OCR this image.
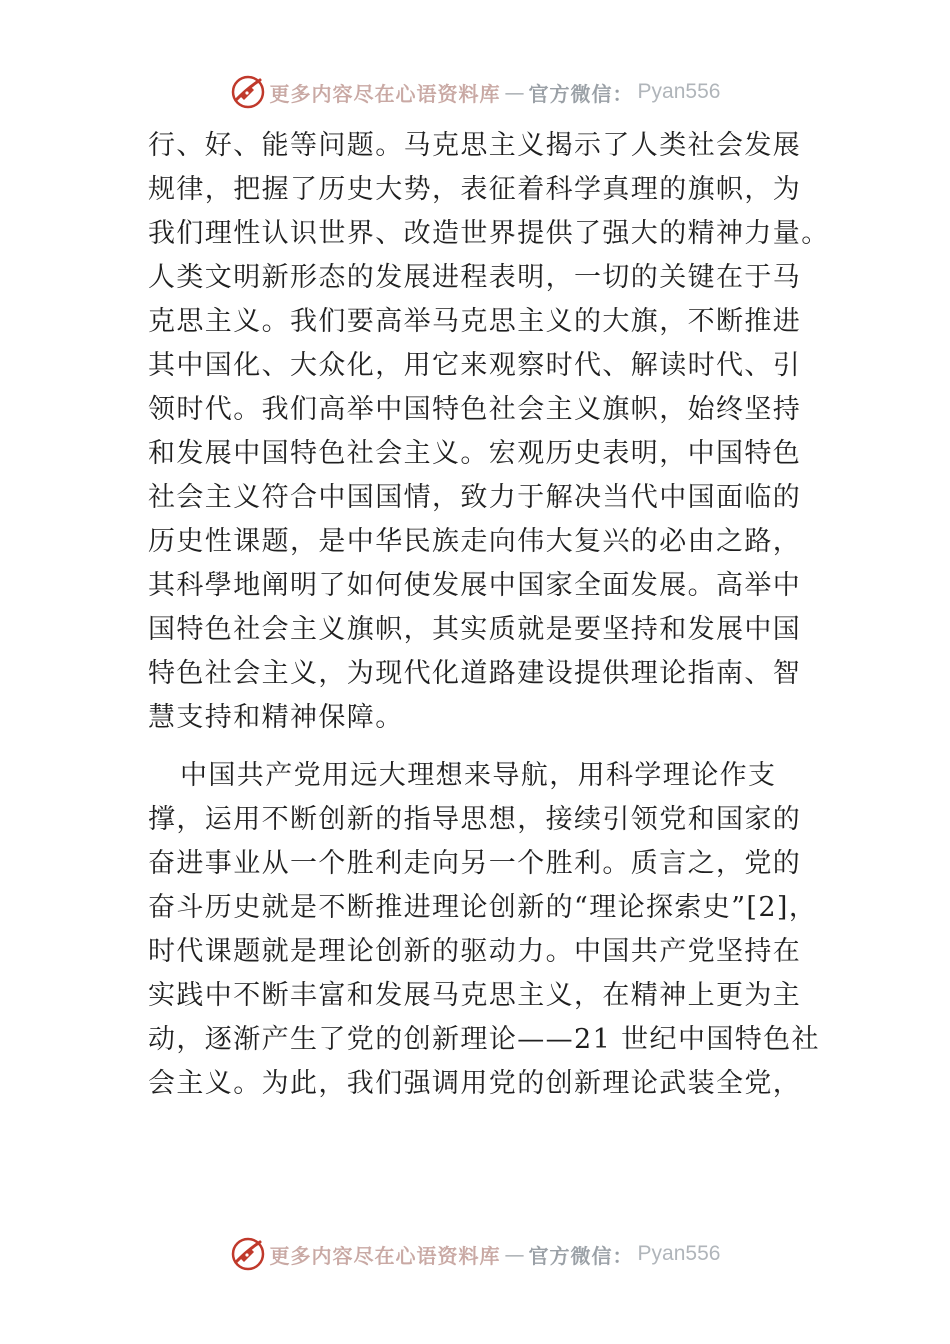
更多内容尽在心语资料库 — 官方微信： Pyan556

行、好、能等问题。马克思主义揭示了人类社会发展
规律，把握了历史大势，表征着科学真理的旗帜，为
我们理性认识世界、改造世界提供了强大的精神力量。
人类文明新形态的发展进程表明，一切的关键在于马
克思主义。我们要高举马克思主义的大旗，不断推进
其中国化、大众化，用它来观察时代、解读时代、引
领时代。我们高举中国特色社会主义旗帜，始终坚持
和发展中国特色社会主义。宏观历史表明，中国特色
社会主义符合中国国情，致力于解决当代中国面临的
历史性课题，是中华民族走向伟大复兴的必由之路，
其科學地阐明了如何使发展中国家全面发展。高举中
国特色社会主义旗帜，其实质就是要坚持和发展中国
特色社会主义，为现代化道路建设提供理论指南、智
慧支持和精神保障。

中国共产党用远大理想来导航，用科学理论作支
撑，运用不断创新的指导思想，接续引领党和国家的
奋进事业从一个胜利走向另一个胜利。质言之，党的
奋斗历史就是不断推进理论创新的“理论探索史”[2]，
时代课题就是理论创新的驱动力。中国共产党坚持在
实践中不断丰富和发展马克思主义，在精神上更为主
动，逐渐产生了党的创新理论——21 世纪中国特色社
会主义。为此，我们强调用党的创新理论武装全党，

更多内容尽在心语资料库 — 官方微信： Pyan556
